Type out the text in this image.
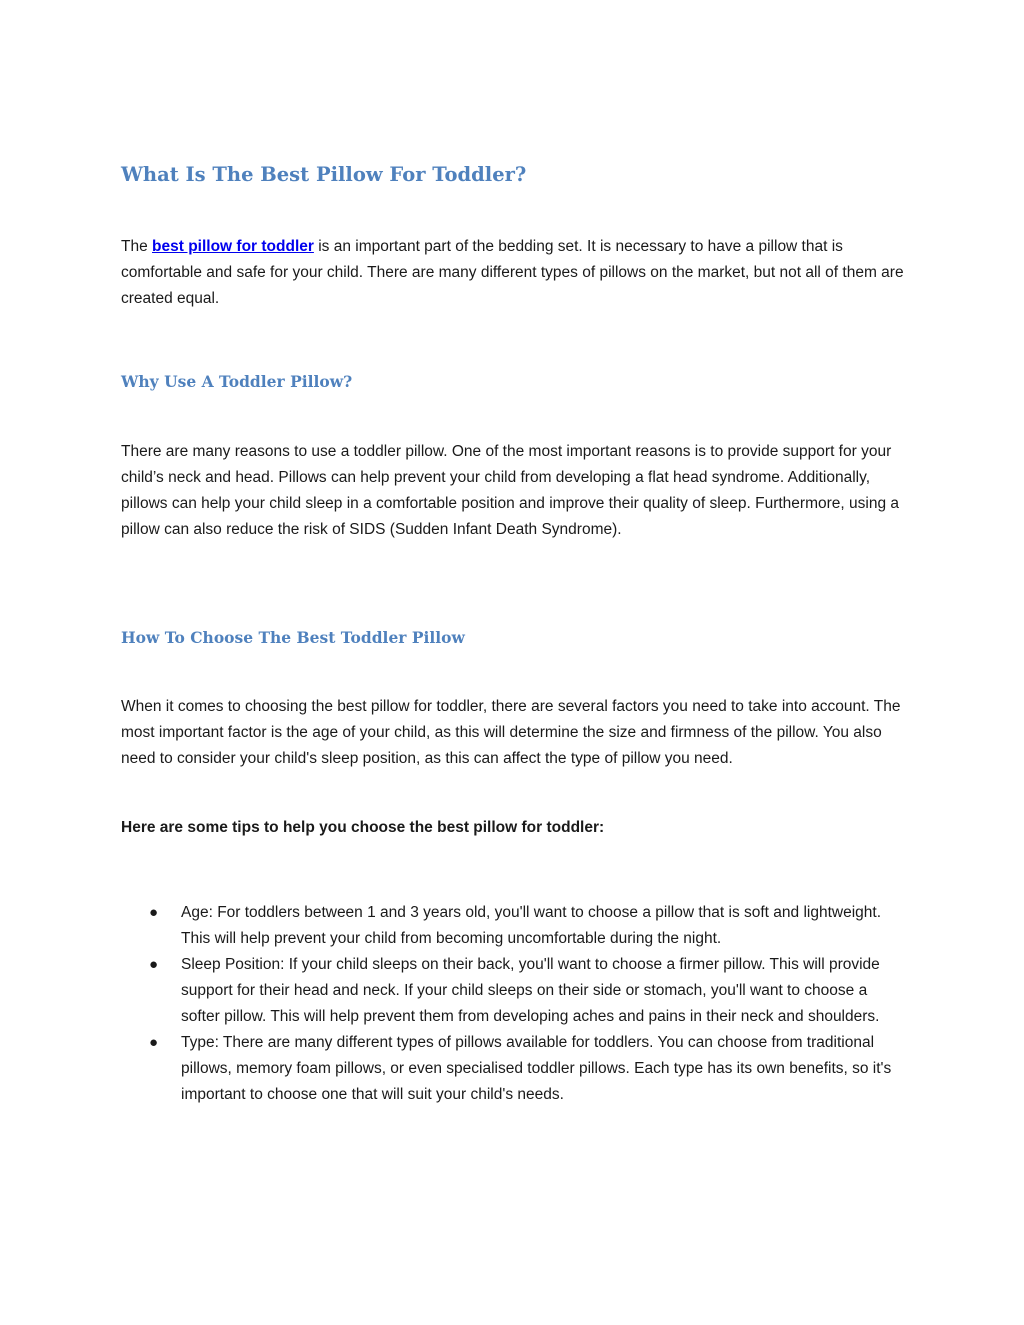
What Is The Best Pillow For Toddler?

The best pillow for toddler is an important part of the bedding set. It is necessary to have a pillow that is comfortable and safe for your child. There are many different types of pillows on the market, but not all of them are created equal.

Why Use A Toddler Pillow?

There are many reasons to use a toddler pillow. One of the most important reasons is to provide support for your child’s neck and head. Pillows can help prevent your child from developing a flat head syndrome. Additionally, pillows can help your child sleep in a comfortable position and improve their quality of sleep. Furthermore, using a pillow can also reduce the risk of SIDS (Sudden Infant Death Syndrome).

How To Choose The Best Toddler Pillow

When it comes to choosing the best pillow for toddler, there are several factors you need to take into account. The most important factor is the age of your child, as this will determine the size and firmness of the pillow. You also need to consider your child's sleep position, as this can affect the type of pillow you need.

Here are some tips to help you choose the best pillow for toddler:

● Age: For toddlers between 1 and 3 years old, you'll want to choose a pillow that is soft and lightweight. This will help prevent your child from becoming uncomfortable during the night.
● Sleep Position: If your child sleeps on their back, you'll want to choose a firmer pillow. This will provide support for their head and neck. If your child sleeps on their side or stomach, you'll want to choose a softer pillow. This will help prevent them from developing aches and pains in their neck and shoulders.
● Type: There are many different types of pillows available for toddlers. You can choose from traditional pillows, memory foam pillows, or even specialised toddler pillows. Each type has its own benefits, so it's important to choose one that will suit your child's needs.
